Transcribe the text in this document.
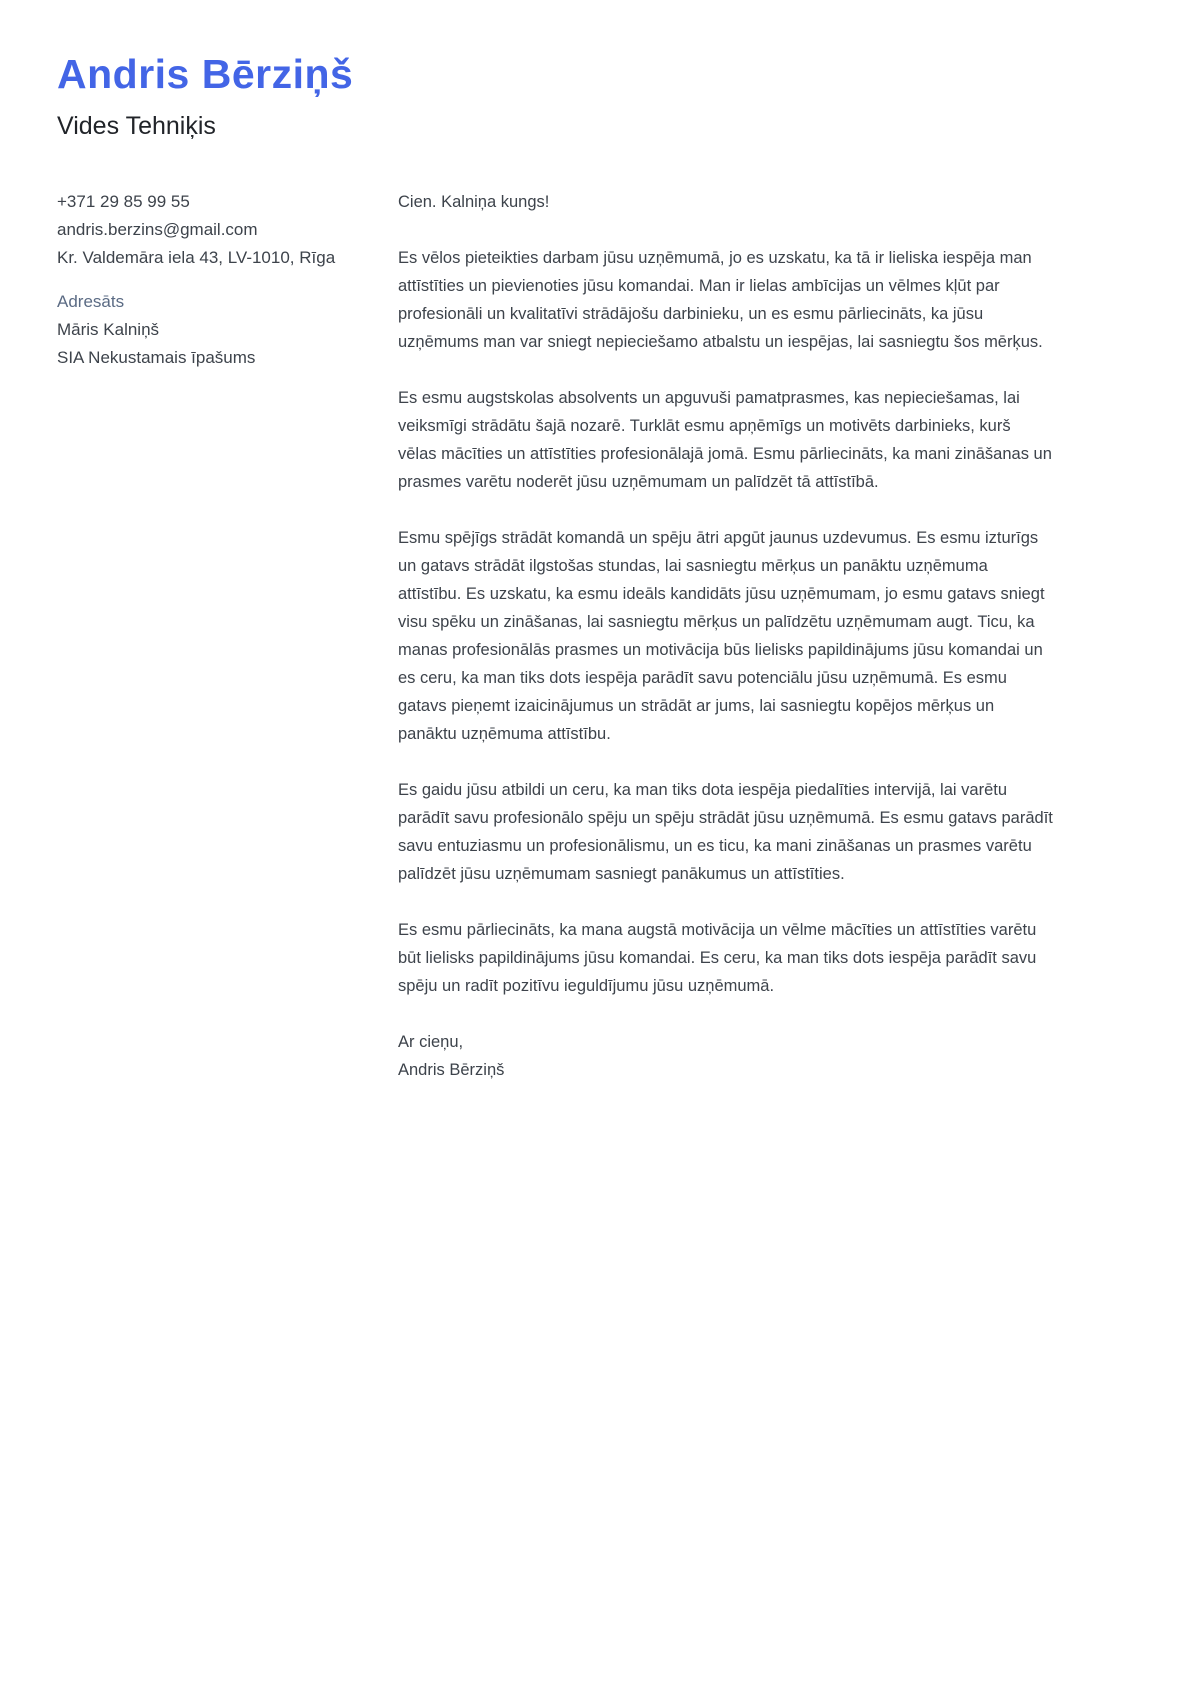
Andris Bērziņš
Vides Tehniķis

+371 29 85 99 55

andris.berzins@gmail.com

Kr. Valdemāra iela 43, LV-1010, Rīga

Adresāts

Māris Kalniņš

SIA Nekustamais īpašums

Cien. Kalniņa kungs!

Es vēlos pieteikties darbam jūsu uzņēmumā, jo es uzskatu, ka tā ir lieliska iespēja man attīstīties un pievienoties jūsu komandai. Man ir lielas ambīcijas un vēlmes kļūt par profesionāli un kvalitatīvi strādājošu darbinieku, un es esmu pārliecināts, ka jūsu uzņēmums man var sniegt nepieciešamo atbalstu un iespējas, lai sasniegtu šos mērķus.

Es esmu augstskolas absolvents un apguvuši pamatprasmes, kas nepieciešamas, lai veiksmīgi strādātu šajā nozarē. Turklāt esmu apņēmīgs un motivēts darbinieks, kurš vēlas mācīties un attīstīties profesionālajā jomā. Esmu pārliecināts, ka mani zināšanas un prasmes varētu noderēt jūsu uzņēmumam un palīdzēt tā attīstībā.

Esmu spējīgs strādāt komandā un spēju ātri apgūt jaunus uzdevumus. Es esmu izturīgs un gatavs strādāt ilgstošas stundas, lai sasniegtu mērķus un panāktu uzņēmuma attīstību. Es uzskatu, ka esmu ideāls kandidāts jūsu uzņēmumam, jo esmu gatavs sniegt visu spēku un zināšanas, lai sasniegtu mērķus un palīdzētu uzņēmumam augt. Ticu, ka manas profesionālās prasmes un motivācija būs lielisks papildinājums jūsu komandai un es ceru, ka man tiks dots iespēja parādīt savu potenciālu jūsu uzņēmumā. Es esmu gatavs pieņemt izaicinājumus un strādāt ar jums, lai sasniegtu kopējos mērķus un panāktu uzņēmuma attīstību.

Es gaidu jūsu atbildi un ceru, ka man tiks dota iespēja piedalīties intervijā, lai varētu parādīt savu profesionālo spēju un spēju strādāt jūsu uzņēmumā. Es esmu gatavs parādīt savu entuziasmu un profesionālismu, un es ticu, ka mani zināšanas un prasmes varētu palīdzēt jūsu uzņēmumam sasniegt panākumus un attīstīties.

Es esmu pārliecināts, ka mana augstā motivācija un vēlme mācīties un attīstīties varētu būt lielisks papildinājums jūsu komandai. Es ceru, ka man tiks dots iespēja parādīt savu spēju un radīt pozitīvu ieguldījumu jūsu uzņēmumā.

Ar cieņu,

Andris Bērziņš
